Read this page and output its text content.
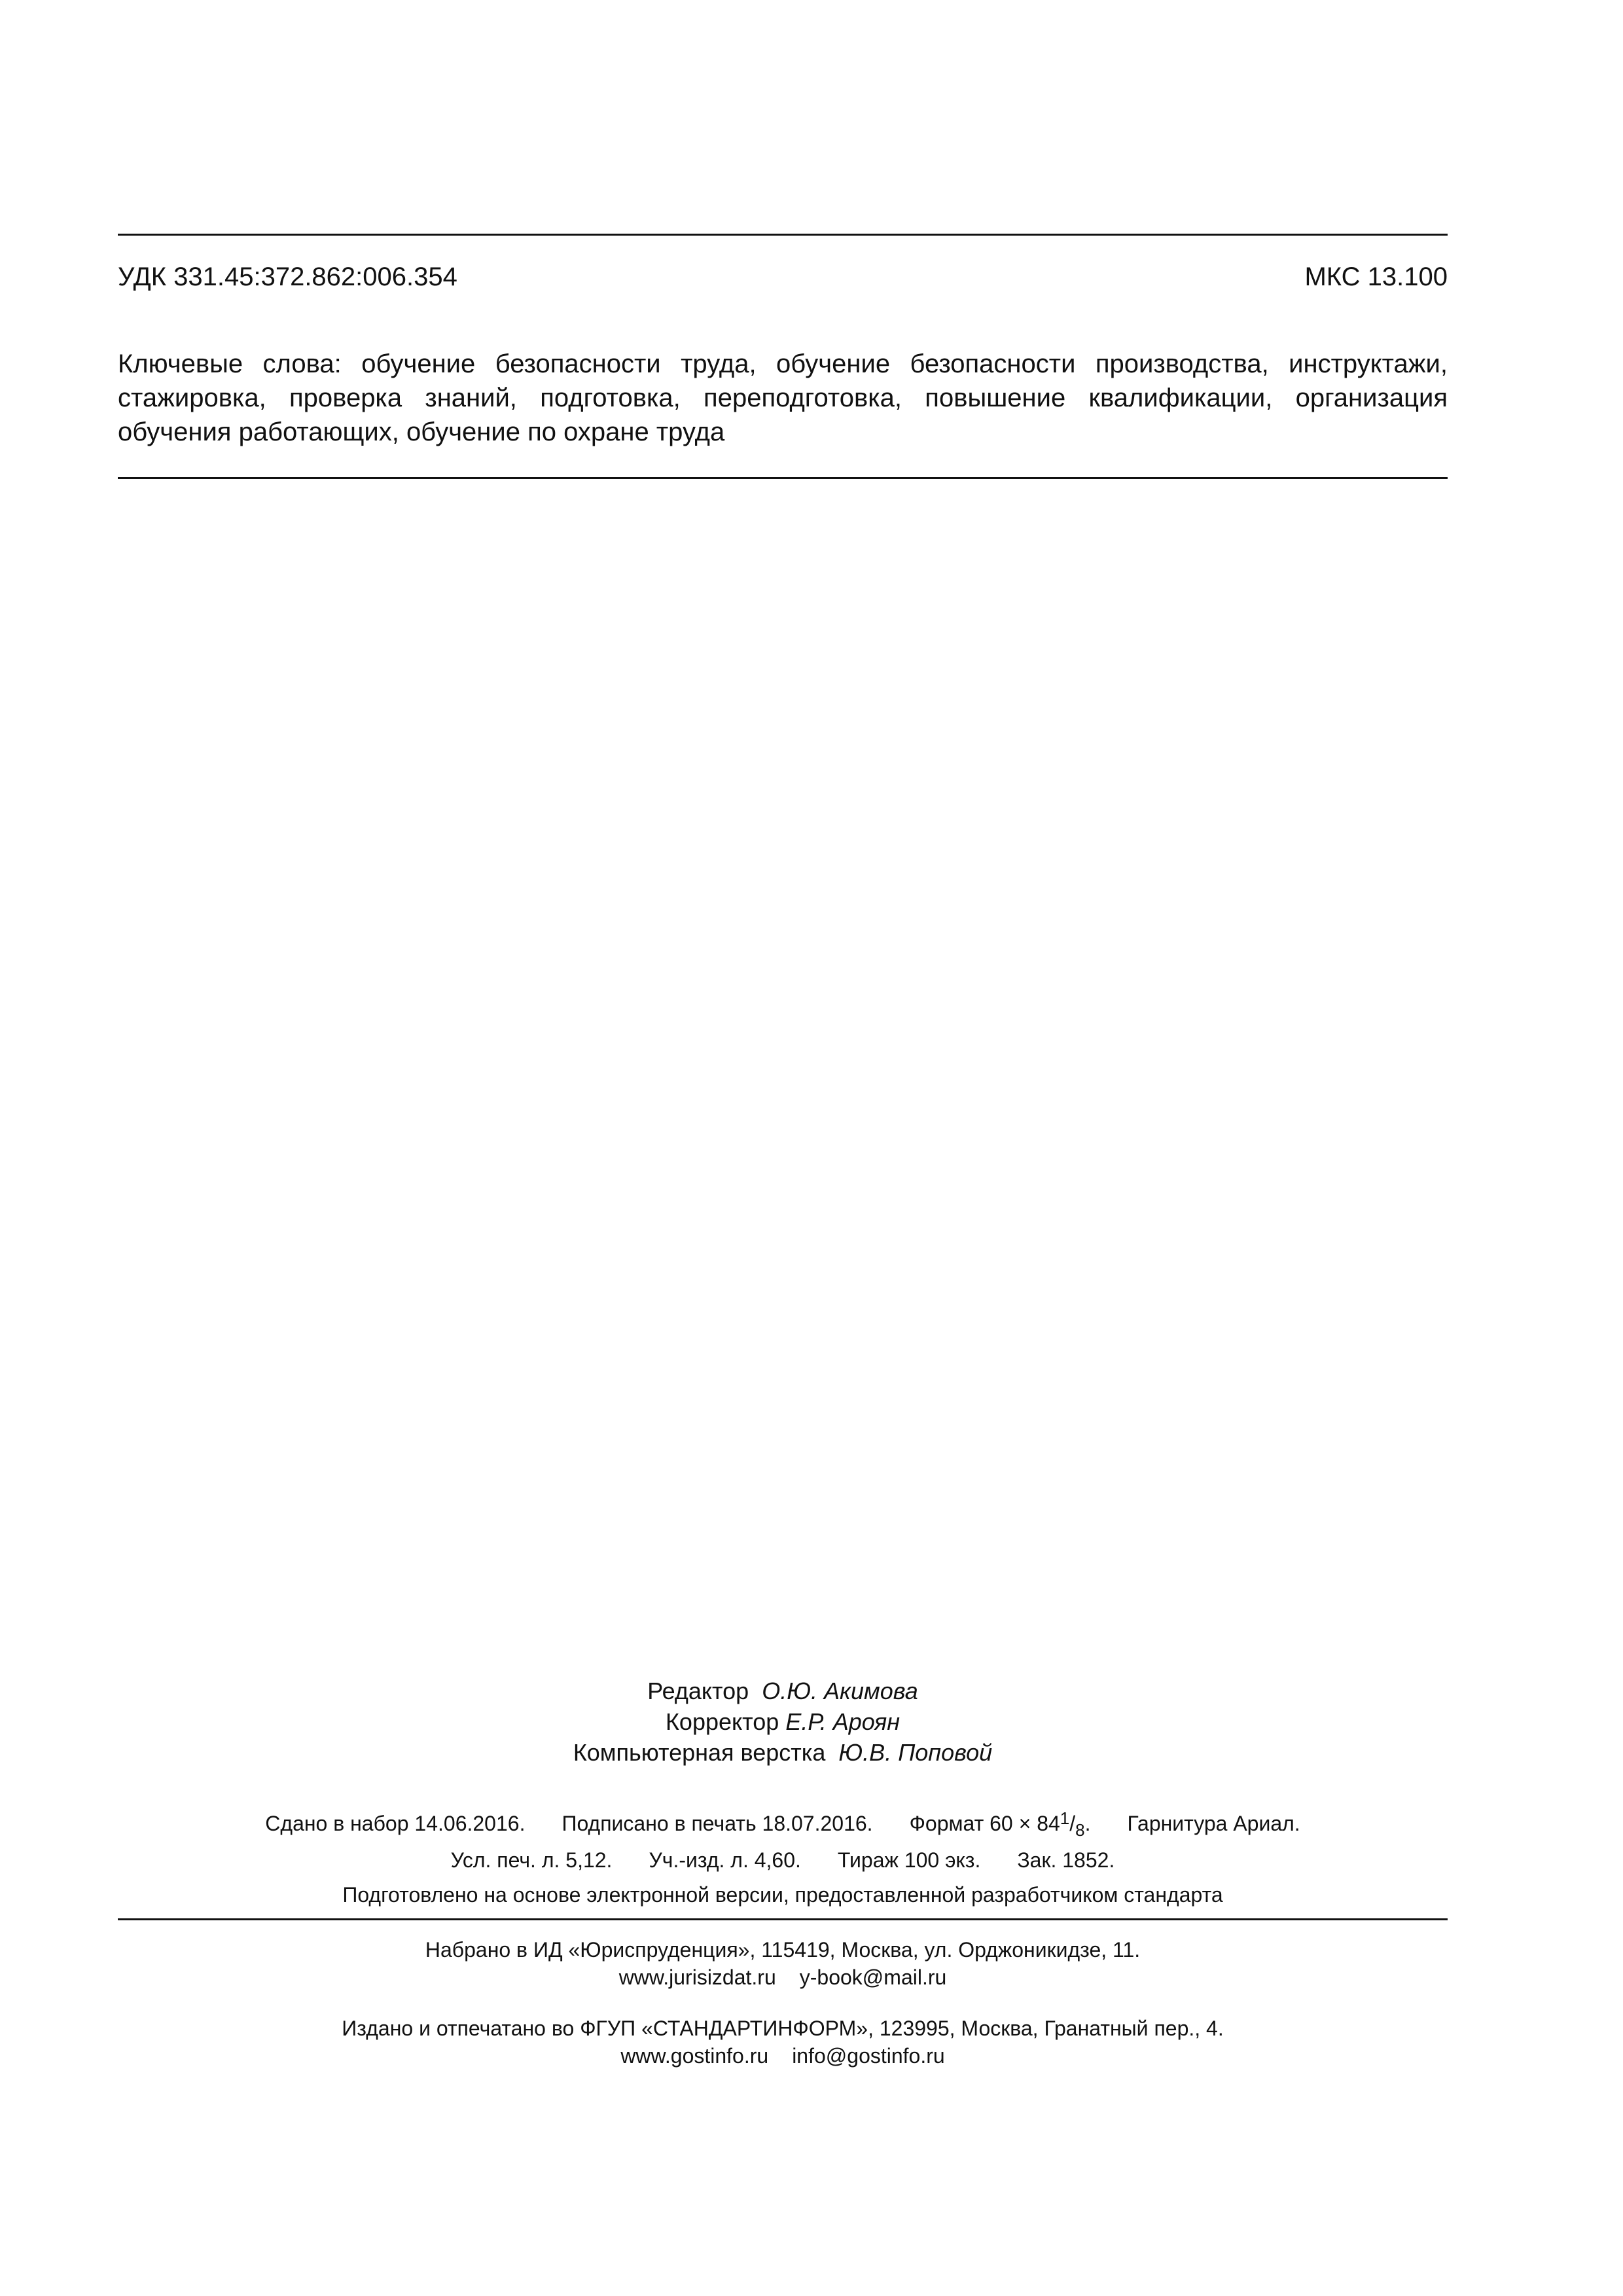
УДК 331.45:372.862:006.354	МКС 13.100
Ключевые слова: обучение безопасности труда, обучение безопасности производства, инструктажи, стажировка, проверка знаний, подготовка, переподготовка, повышение квалификации, организация обучения работающих, обучение по охране труда
Редактор О.Ю. Акимова
Корректор Е.Р. Ароян
Компьютерная верстка Ю.В. Поповой
Сдано в набор 14.06.2016. Подписано в печать 18.07.2016. Формат $60 \times 84^1/_8$. Гарнитура Ариал.
Усл. печ. л. 5,12. Уч.-изд. л. 4,60. Тираж 100 экз. Зак. 1852.
Подготовлено на основе электронной версии, предоставленной разработчиком стандарта
Набрано в ИД «Юриспруденция», 115419, Москва, ул. Орджоникидзе, 11.
www.jurisizdat.ru y-book@mail.ru
Издано и отпечатано во ФГУП «СТАНДАРТИНФОРМ», 123995, Москва, Гранатный пер., 4.
www.gostinfo.ru info@gostinfo.ru
